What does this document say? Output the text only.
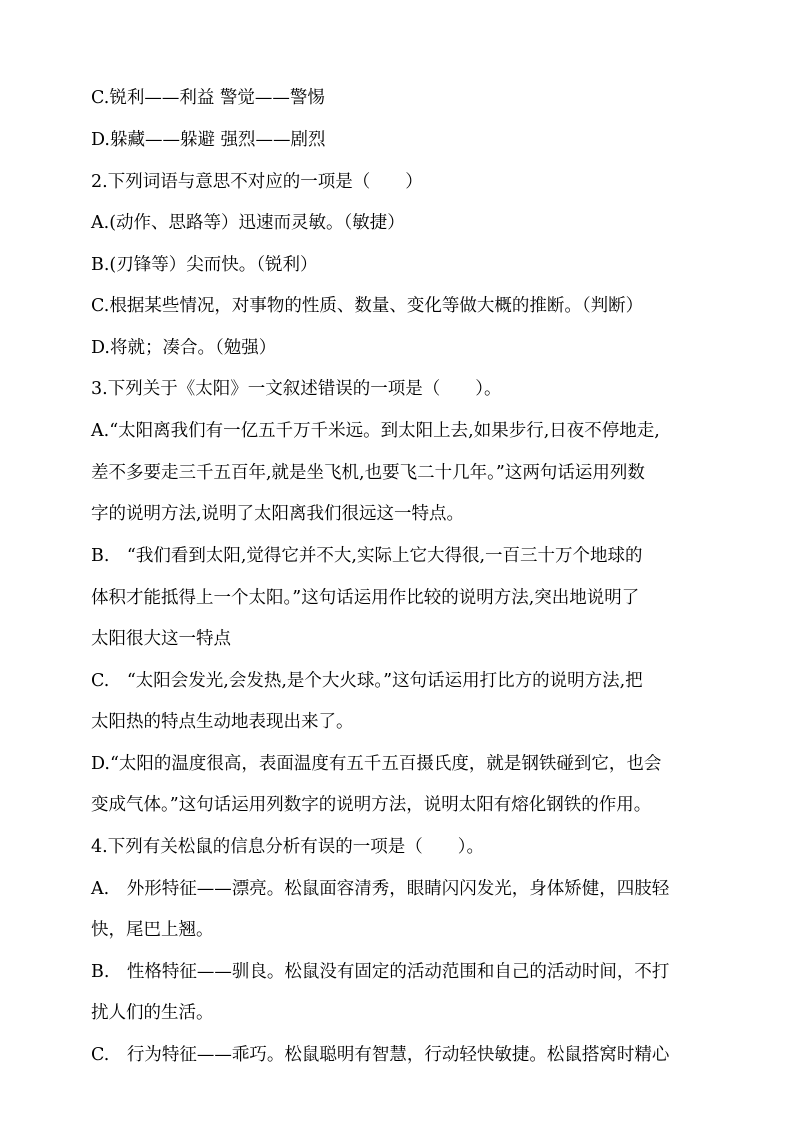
C.锐利——利益 警觉——警惕
D.躲藏——躲避 强烈——剧烈
2.下列词语与意思不对应的一项是（　　）
A.(动作、思路等）迅速而灵敏。（敏捷）
B.(刃锋等）尖而快。（锐利）
C.根据某些情况，对事物的性质、数量、变化等做大概的推断。（判断）
D.将就；凑合。（勉强）
3.下列关于《太阳》一文叙述错误的一项是（　　）。
A.“太阳离我们有一亿五千万千米远。到太阳上去,如果步行,日夜不停地走,
差不多要走三千五百年,就是坐飞机,也要飞二十几年。”这两句话运用列数
字的说明方法,说明了太阳离我们很远这一特点。
B.　“我们看到太阳,觉得它并不大,实际上它大得很,一百三十万个地球的
体积才能抵得上一个太阳。”这句话运用作比较的说明方法,突出地说明了
太阳很大这一特点
C.　“太阳会发光,会发热,是个大火球。”这句话运用打比方的说明方法,把
太阳热的特点生动地表现出来了。
D.“太阳的温度很高，表面温度有五千五百摄氏度，就是钢铁碰到它，也会
变成气体。”这句话运用列数字的说明方法，说明太阳有熔化钢铁的作用。
4.下列有关松鼠的信息分析有误的一项是（　　）。
A.　外形特征——漂亮。松鼠面容清秀，眼睛闪闪发光，身体矫健，四肢轻
快，尾巴上翘。
B.　性格特征——驯良。松鼠没有固定的活动范围和自己的活动时间，不打
扰人们的生活。
C.　行为特征——乖巧。松鼠聪明有智慧，行动轻快敏捷。松鼠搭窝时精心
